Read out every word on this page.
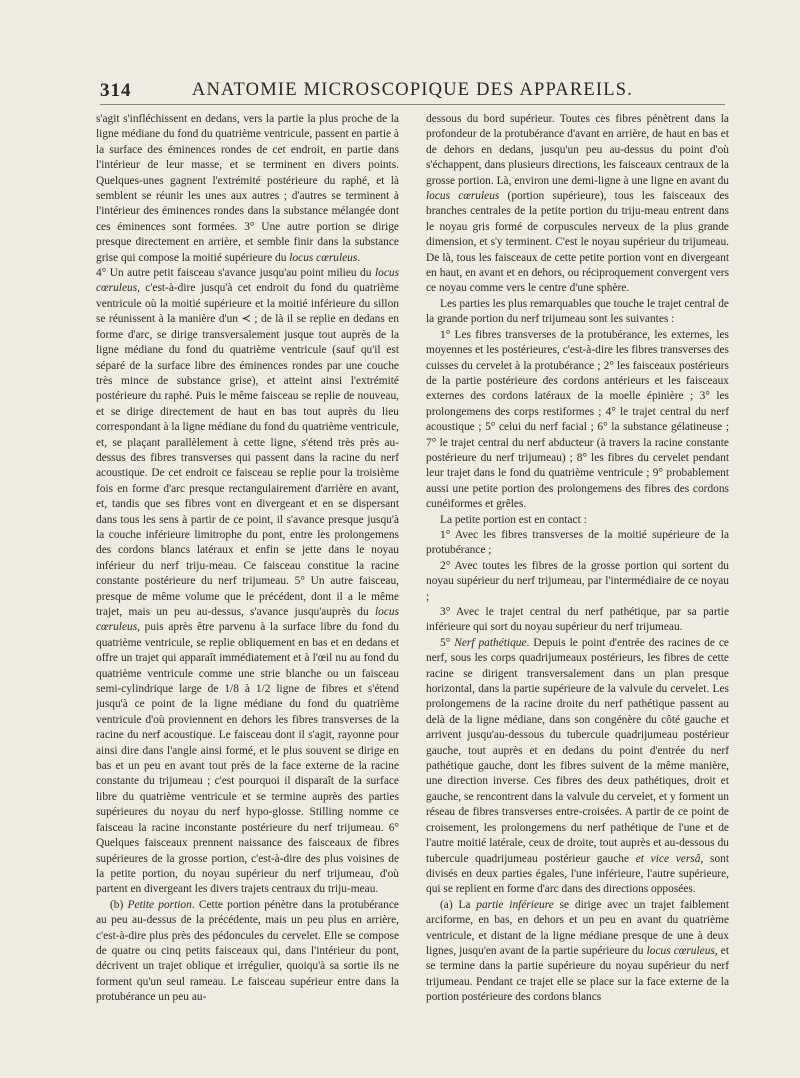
314	ANATOMIE MICROSCOPIQUE DES APPAREILS.

s'agit s'infléchissent en dedans, vers la partie la plus proche de la ligne médiane du fond du quatrième ventricule, passent en partie à la surface des éminences rondes de cet endroit, en partie dans l'intérieur de leur masse, et se terminent en divers points. Quelques-unes gagnent l'extrémité postérieure du raphé, et là semblent se réunir les unes aux autres ; d'autres se terminent à l'intérieur des éminences rondes dans la substance mélangée dont ces éminences sont formées. 3° Une autre portion se dirige presque directement en arrière, et semble finir dans la substance grise qui compose la moitié supérieure du locus cœruleus.

4° Un autre petit faisceau s'avance jusqu'au point milieu du locus cœruleus, c'est-à-dire jusqu'à cet endroit du fond du quatrième ventricule où la moitié supérieure et la moitié inférieure du sillon se réunissent à la manière d'un ≺ ; de là il se replie en dedans en forme d'arc, se dirige transversalement jusque tout auprès de la ligne médiane du fond du quatrième ventricule (sauf qu'il est séparé de la surface libre des éminences rondes par une couche très mince de substance grise), et atteint ainsi l'extrémité postérieure du raphé. Puis le même faisceau se replie de nouveau, et se dirige directement de haut en bas tout auprès du lieu correspondant à la ligne médiane du fond du quatrième ventricule, et, se plaçant parallèlement à cette ligne, s'étend très près au-dessus des fibres transverses qui passent dans la racine du nerf acoustique. De cet endroit ce faisceau se replie pour la troisième fois en forme d'arc presque rectangulairement d'arrière en avant, et, tandis que ses fibres vont en divergeant et en se dispersant dans tous les sens à partir de ce point, il s'avance presque jusqu'à la couche inférieure limitrophe du pont, entre les prolongemens des cordons blancs latéraux et enfin se jette dans le noyau inférieur du nerf triju-meau. Ce faisceau constitue la racine constante postérieure du nerf trijumeau. 5° Un autre faisceau, presque de même volume que le précédent, dont il a le même trajet, mais un peu au-dessus, s'avance jusqu'auprès du locus cœruleus, puis après être parvenu à la surface libre du fond du quatrième ventricule, se replie obliquement en bas et en dedans et offre un trajet qui apparaît immédiatement et à l'œil nu au fond du quatrième ventricule comme une strie blanche ou un faisceau semi-cylindrique large de 1/8 à 1/2 ligne de fibres et s'étend jusqu'à ce point de la ligne médiane du fond du quatrième ventricule d'où proviennent en dehors les fibres transverses de la racine du nerf acoustique. Le faisceau dont il s'agit, rayonne pour ainsi dire dans l'angle ainsi formé, et le plus souvent se dirige en bas et un peu en avant tout près de la face externe de la racine constante du trijumeau ; c'est pourquoi il disparaît de la surface libre du quatrième ventricule et se termine auprès des parties supérieures du noyau du nerf hypo-glosse. Stilling nomme ce faisceau la racine inconstante postérieure du nerf trijumeau. 6° Quelques faisceaux prennent naissance des faisceaux de fibres supérieures de la grosse portion, c'est-à-dire des plus voisines de la petite portion, du noyau supérieur du nerf trijumeau, d'où partent en divergeant les divers trajets centraux du triju-meau.

(b) Petite portion. Cette portion pénètre dans la protubérance au peu au-dessus de la précédente, mais un peu plus en arrière, c'est-à-dire plus près des pédoncules du cervelet. Elle se compose de quatre ou cinq petits faisceaux qui, dans l'intérieur du pont, décrivent un trajet oblique et irrégulier, quoiqu'à sa sortie ils ne forment qu'un seul rameau. Le faisceau supérieur entre dans la protubérance un peu au-

dessous du bord supérieur. Toutes ces fibres pénètrent dans la profondeur de la protubérance d'avant en arrière, de haut en bas et de dehors en dedans, jusqu'un peu au-dessus du point d'où s'échappent, dans plusieurs directions, les faisceaux centraux de la grosse portion. Là, environ une demi-ligne à une ligne en avant du locus cœruleus (portion supérieure), tous les faisceaux des branches centrales de la petite portion du triju-meau entrent dans le noyau gris formé de corpuscules nerveux de la plus grande dimension, et s'y terminent. C'est le noyau supérieur du trijumeau. De là, tous les faisceaux de cette petite portion vont en divergeant en haut, en avant et en dehors, ou réciproquement convergent vers ce noyau comme vers le centre d'une sphère.

Les parties les plus remarquables que touche le trajet central de la grande portion du nerf trijumeau sont les suivantes :

1° Les fibres transverses de la protubérance, les externes, les moyennes et les postérieures, c'est-à-dire les fibres transverses des cuisses du cervelet à la protubérance ; 2° les faisceaux postérieurs de la partie postérieure des cordons antérieurs et les faisceaux externes des cordons latéraux de la moelle épinière ; 3° les prolongemens des corps restiformes ; 4° le trajet central du nerf acoustique ; 5° celui du nerf facial ; 6° la substance gélatineuse ; 7° le trajet central du nerf abducteur (à travers la racine constante postérieure du nerf trijumeau) ; 8° les fibres du cervelet pendant leur trajet dans le fond du quatrième ventricule ; 9° probablement aussi une petite portion des prolongemens des fibres des cordons cunéiformes et grêles.

La petite portion est en contact :

1° Avec les fibres transverses de la moitié supérieure de la protubérance ;

2° Avec toutes les fibres de la grosse portion qui sortent du noyau supérieur du nerf trijumeau, par l'intermédiaire de ce noyau ;

3° Avec le trajet central du nerf pathétique, par sa partie inférieure qui sort du noyau supérieur du nerf trijumeau.

5° Nerf pathétique. Depuis le point d'entrée des racines de ce nerf, sous les corps quadrijumeaux postérieurs, les fibres de cette racine se dirigent transversalement dans un plan presque horizontal, dans la partie supérieure de la valvule du cervelet. Les prolongemens de la racine droite du nerf pathétique passent au delà de la ligne médiane, dans son congénère du côté gauche et arrivent jusqu'au-dessous du tubercule quadrijumeau postérieur gauche, tout auprès et en dedans du point d'entrée du nerf pathétique gauche, dont les fibres suivent de la même manière, une direction inverse. Ces fibres des deux pathétiques, droit et gauche, se rencontrent dans la valvule du cervelet, et y forment un réseau de fibres transverses entre-croisées. A partir de ce point de croisement, les prolongemens du nerf pathétique de l'une et de l'autre moitié latérale, ceux de droite, tout auprès et au-dessous du tubercule quadrijumeau postérieur gauche et vice versâ, sont divisés en deux parties égales, l'une inférieure, l'autre supérieure, qui se replient en forme d'arc dans des directions opposées.

(a) La partie inférieure se dirige avec un trajet faiblement arciforme, en bas, en dehors et un peu en avant du quatrième ventricule, et distant de la ligne médiane presque de une à deux lignes, jusqu'en avant de la partie supérieure du locus cœruleus, et se termine dans la partie supérieure du noyau supérieur du nerf trijumeau. Pendant ce trajet elle se place sur la face externe de la portion postérieure des cordons blancs
